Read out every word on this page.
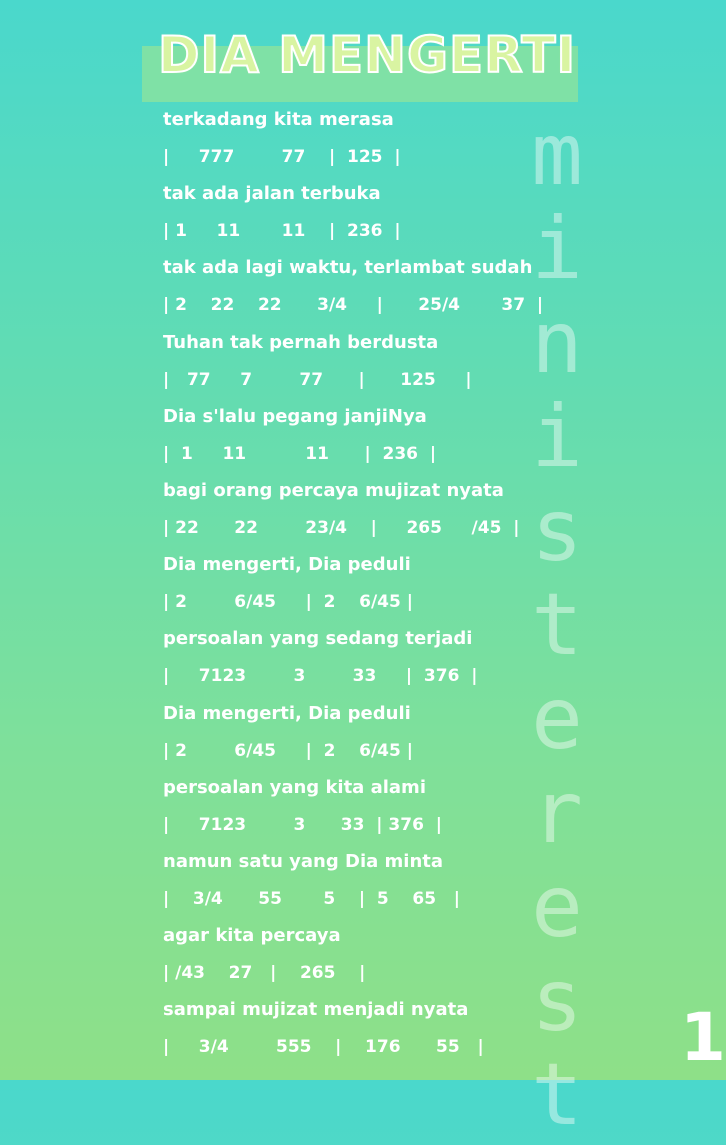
DIA MENGERTI
terkadang kita merasa
|     777        77    |  125  |
tak ada jalan terbuka
| 1     11       11    |  236  |
tak ada lagi waktu, terlambat sudah
| 2    22    22      3/4     |      25/4       37  |
Tuhan tak pernah berdusta
|   77     7        77      |      125     |
Dia s'lalu pegang janjiNya
|  1     11          11      |  236  |
bagi orang percaya mujizat nyata
| 22      22        23/4    |     265     /45  |
Dia mengerti, Dia peduli
| 2        6/45     |  2    6/45 |
persoalan yang sedang terjadi
|     7123        3        33     |  376  |
Dia mengerti, Dia peduli
| 2        6/45     |  2    6/45 |
persoalan yang kita alami
|     7123        3      33  | 376  |
namun satu yang Dia minta
|    3/4      55       5    |  5    65   |
agar kita percaya
| /43    27   |    265    |
sampai mujizat menjadi nyata
|     3/4        555    |    176      55   |
m
i
n
i
s
t
e
r
e
s
t
1
